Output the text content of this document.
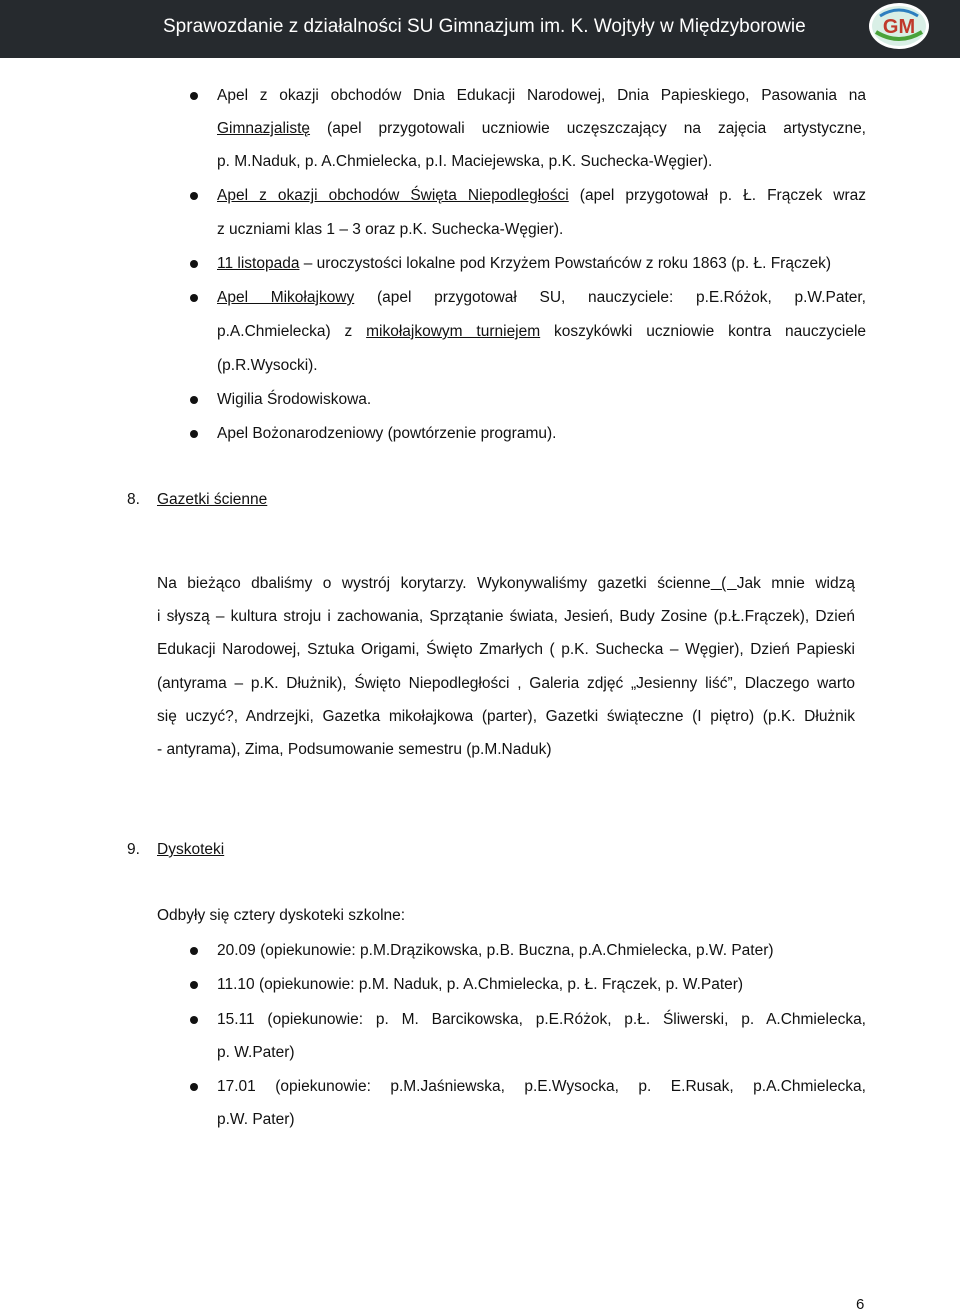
Sprawozdanie z działalności SU Gimnazjum im. K. Wojtyły w Międzyborowie	GM
Apel z okazji obchodów Dnia Edukacji Narodowej, Dnia Papieskiego, Pasowania na
Gimnazjalistę (apel przygotowali uczniowie uczęszczający na zajęcia artystyczne,
p. M.Naduk, p. A.Chmielecka, p.I. Maciejewska, p.K. Suchecka-Węgier).
Apel z okazji obchodów Święta Niepodległości (apel przygotował p. Ł. Frączek wraz
z uczniami klas 1 – 3 oraz p.K. Suchecka-Węgier).
11 listopada – uroczystości lokalne pod Krzyżem Powstańców z roku 1863 (p. Ł. Frączek)
Apel Mikołajkowy (apel przygotował SU, nauczyciele: p.E.Różok, p.W.Pater,
p.A.Chmielecka) z mikołajkowym turniejem koszykówki uczniowie kontra nauczyciele
(p.R.Wysocki).
Wigilia Środowiskowa.
Apel Bożonarodzeniowy (powtórzenie programu).
8. Gazetki ścienne
Na bieżąco dbaliśmy o wystrój korytarzy. Wykonywaliśmy gazetki ścienne ( Jak mnie widzą
i słyszą – kultura stroju i zachowania, Sprzątanie świata, Jesień, Budy Zosine (p.Ł.Frączek), Dzień
Edukacji Narodowej, Sztuka Origami, Święto Zmarłych ( p.K. Suchecka – Węgier), Dzień Papieski
(antyrama – p.K. Dłużnik), Święto Niepodległości , Galeria zdjęć „Jesienny liść”, Dlaczego warto
się uczyć?, Andrzejki, Gazetka mikołajkowa (parter), Gazetki świąteczne (I piętro) (p.K. Dłużnik
- antyrama), Zima, Podsumowanie semestru (p.M.Naduk)
9. Dyskoteki
Odbyły się cztery dyskoteki szkolne:
20.09 (opiekunowie: p.M.Drązikowska, p.B. Buczna, p.A.Chmielecka, p.W. Pater)
11.10 (opiekunowie: p.M. Naduk, p. A.Chmielecka, p. Ł. Frączek, p. W.Pater)
15.11 (opiekunowie: p. M. Barcikowska, p.E.Różok, p.Ł. Śliwerski, p. A.Chmielecka,
p. W.Pater)
17.01 (opiekunowie: p.M.Jaśniewska, p.E.Wysocka, p. E.Rusak, p.A.Chmielecka,
p.W. Pater)
6
